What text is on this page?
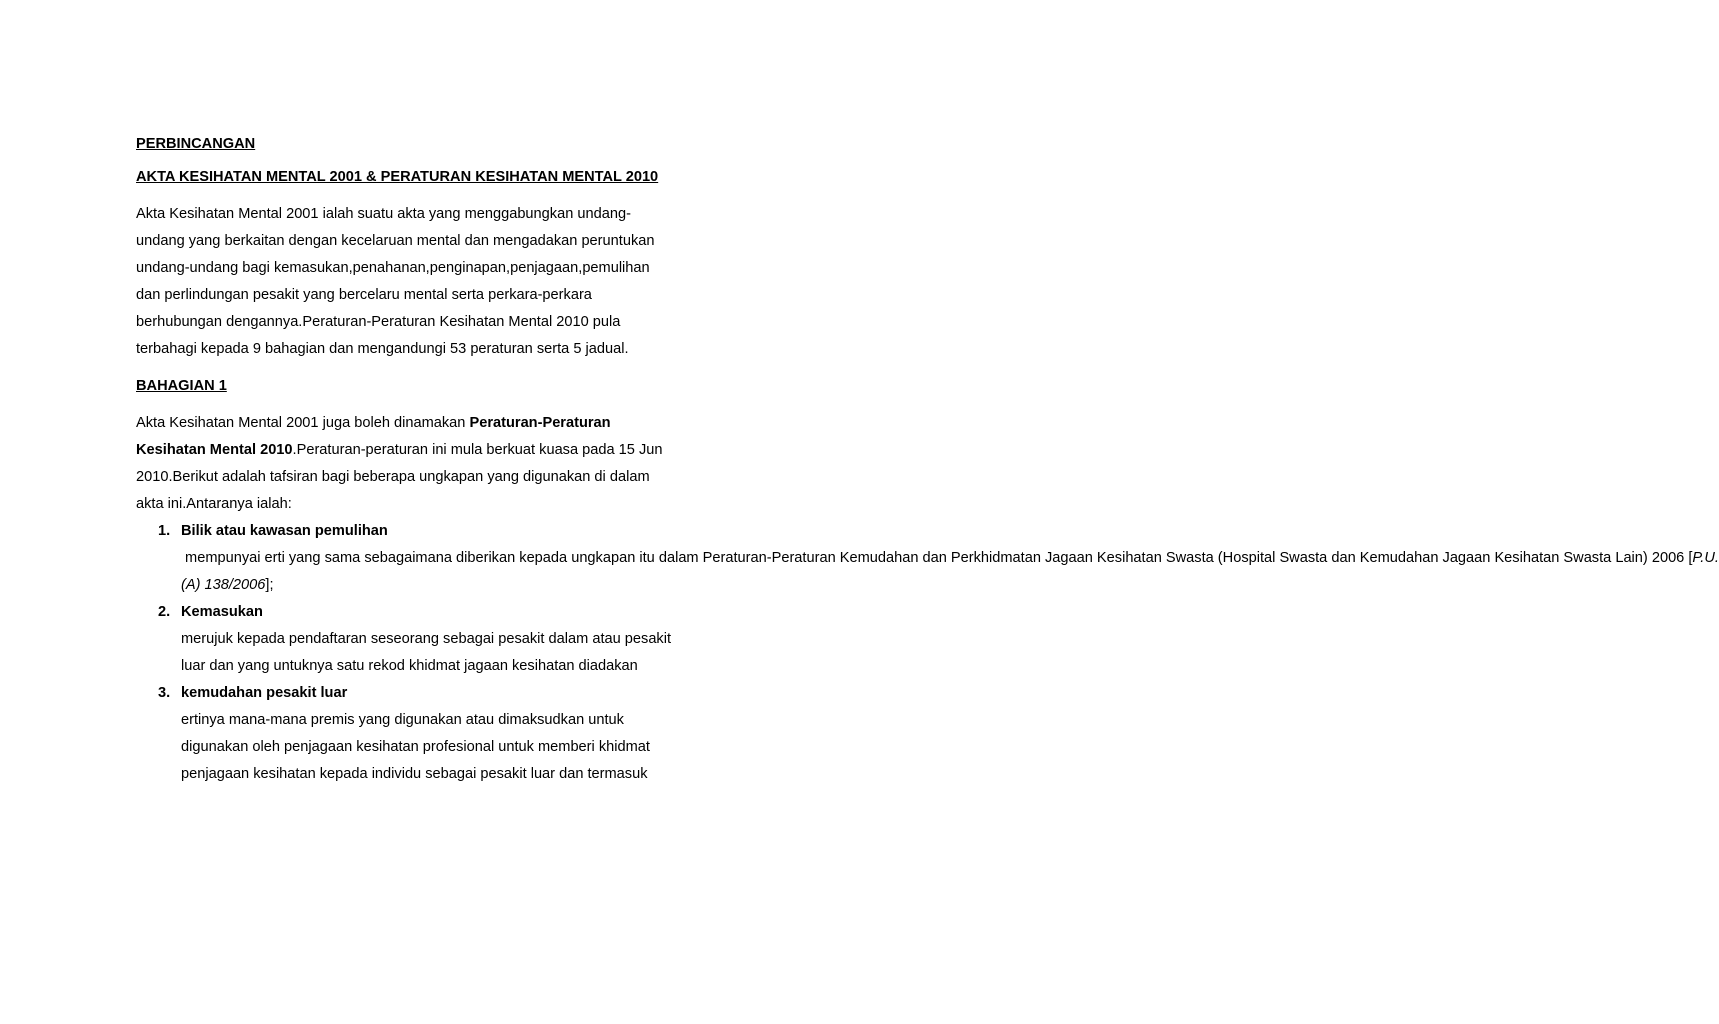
PERBINCANGAN

AKTA KESIHATAN MENTAL 2001 & PERATURAN KESIHATAN MENTAL 2010

Akta Kesihatan Mental 2001 ialah suatu akta yang menggabungkan undang-undang yang berkaitan dengan kecelaruan mental dan mengadakan peruntukan undang-undang bagi kemasukan,penahanan,penginapan,penjagaan,pemulihan dan perlindungan pesakit yang bercelaru mental serta perkara-perkara berhubungan dengannya.Peraturan-Peraturan Kesihatan Mental 2010 pula terbahagi kepada 9 bahagian dan mengandungi 53 peraturan serta 5 jadual.

BAHAGIAN 1

Akta Kesihatan Mental 2001 juga boleh dinamakan Peraturan-Peraturan Kesihatan Mental 2010.Peraturan-peraturan ini mula berkuat kuasa pada 15 Jun 2010.Berikut adalah tafsiran bagi beberapa ungkapan yang digunakan di dalam akta ini.Antaranya ialah:

1. Bilik atau kawasan pemulihan
mempunyai erti yang sama sebagaimana diberikan kepada ungkapan itu dalam Peraturan-Peraturan Kemudahan dan Perkhidmatan Jagaan Kesihatan Swasta (Hospital Swasta dan Kemudahan Jagaan Kesihatan Swasta Lain) 2006 [P.U. (A) 138/2006];
2. Kemasukan
merujuk kepada pendaftaran seseorang sebagai pesakit dalam atau pesakit luar dan yang untuknya satu rekod khidmat jagaan kesihatan diadakan
3. kemudahan pesakit luar
ertinya mana-mana premis yang digunakan atau dimaksudkan untuk digunakan oleh penjagaan kesihatan profesional untuk memberi khidmat penjagaan kesihatan kepada individu sebagai pesakit luar dan termasuk
